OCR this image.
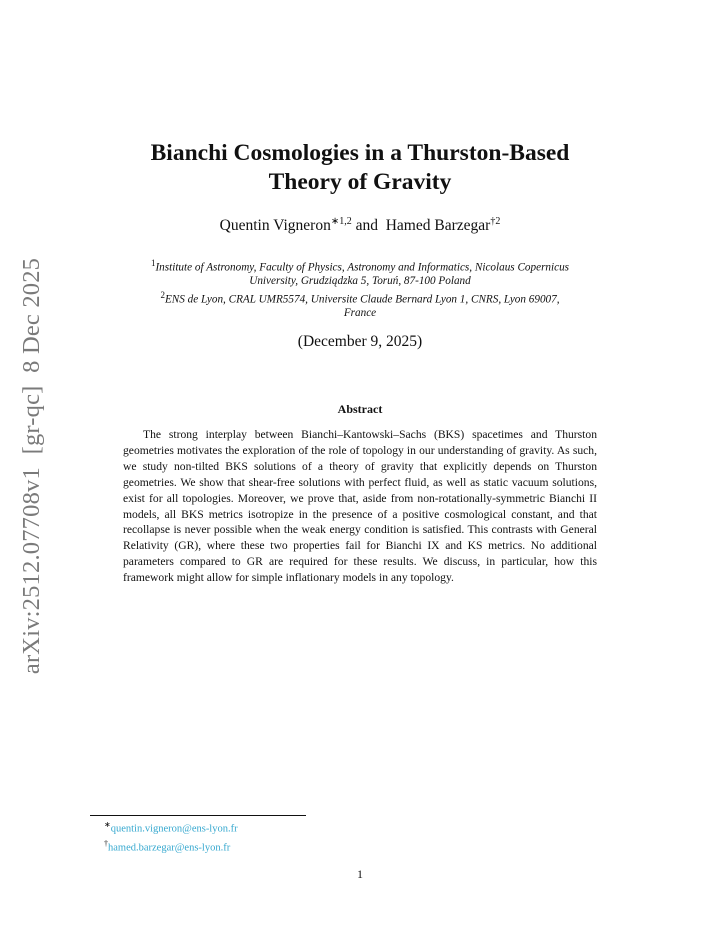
arXiv:2512.07708v1  [gr-qc]  8 Dec 2025
Bianchi Cosmologies in a Thurston-Based
Theory of Gravity
Quentin Vigneron$^{∗1,2}$ and Hamed Barzegar$^{\dagger 2}$
$^1$Institute of Astronomy, Faculty of Physics, Astronomy and Informatics, Nicolaus Copernicus
University, Grudziądzka 5, Toruń, 87-100 Poland
$^2$ENS de Lyon, CRAL UMR5574, Universite Claude Bernard Lyon 1, CNRS, Lyon 69007,
France
(December 9, 2025)
Abstract
The strong interplay between Bianchi–Kantowski–Sachs (BKS) spacetimes and Thurston geometries motivates the exploration of the role of topology in our understanding of gravity. As such, we study non-tilted BKS solutions of a theory of gravity that explicitly depends on Thurston geometries. We show that shear-free solutions with perfect fluid, as well as static vacuum solutions, exist for all topologies. Moreover, we prove that, aside from non-rotationally-symmetric Bianchi II models, all BKS metrics isotropize in the presence of a positive cosmological constant, and that recollapse is never possible when the weak energy condition is satisfied. This contrasts with General Relativity (GR), where these two properties fail for Bianchi IX and KS metrics. No additional parameters compared to GR are required for these results. We discuss, in particular, how this framework might allow for simple inflationary models in any topology.
∗quentin.vigneron@ens-lyon.fr
†hamed.barzegar@ens-lyon.fr
1
